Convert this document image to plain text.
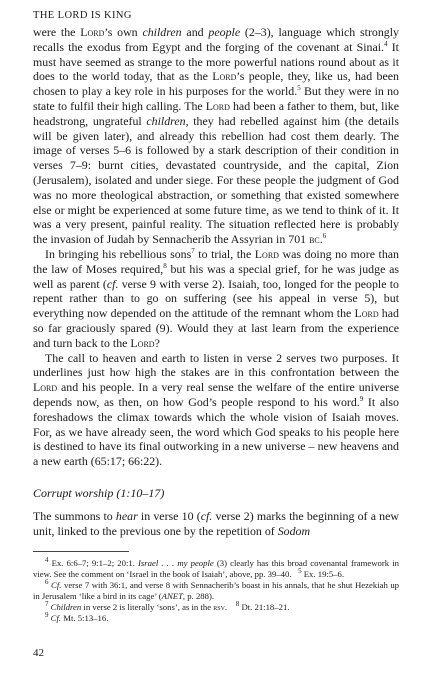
THE LORD IS KING

were the Lord’s own children and people (2–3), language which strongly recalls the exodus from Egypt and the forging of the covenant at Sinai.$^4$ It must have seemed as strange to the more powerful nations round about as it does to the world today, that as the Lord’s people, they, like us, had been chosen to play a key role in his purposes for the world.$^5$ But they were in no state to fulfil their high calling. The Lord had been a father to them, but, like headstrong, ungrateful children, they had rebelled against him (the details will be given later), and already this rebellion had cost them dearly. The image of verses 5–6 is followed by a stark description of their condition in verses 7–9: burnt cities, devastated countryside, and the capital, Zion (Jerusalem), isolated and under siege. For these people the judgment of God was no more theological abstraction, or something that existed somewhere else or might be experienced at some future time, as we tend to think of it. It was a very present, painful reality. The situation reflected here is probably the invasion of Judah by Sennacherib the Assyrian in 701 bc.$^6$

In bringing his rebellious sons$^7$ to trial, the Lord was doing no more than the law of Moses required,$^8$ but his was a special grief, for he was judge as well as parent (cf. verse 9 with verse 2). Isaiah, too, longed for the people to repent rather than to go on suffering (see his appeal in verse 5), but everything now depended on the attitude of the remnant whom the Lord had so far graciously spared (9). Would they at last learn from the experience and turn back to the Lord?

The call to heaven and earth to listen in verse 2 serves two purposes. It underlines just how high the stakes are in this confrontation between the Lord and his people. In a very real sense the welfare of the entire universe depends now, as then, on how God’s people respond to his word.$^9$ It also foreshadows the climax towards which the whole vision of Isaiah moves. For, as we have already seen, the word which God speaks to his people here is destined to have its final outworking in a new universe – new heavens and a new earth (65:17; 66:22).

Corrupt worship (1:10–17)

The summons to hear in verse 10 (cf. verse 2) marks the beginning of a new unit, linked to the previous one by the repetition of Sodom

$^4$ Ex. 6:6–7; 9:1–2; 20:1. Israel . . . my people (3) clearly has this broad covenantal framework in view. See the comment on ‘Israel in the book of Isaiah’, above, pp. 39–40. $^5$ Ex. 19:5–6.

$^6$ Cf. verse 7 with 36:1, and verse 8 with Sennacherib’s boast in his annals, that he shut Hezekiah up in Jerusalem ‘like a bird in its cage’ (ANET, p. 288).

$^7$ Children in verse 2 is literally ‘sons’, as in the rsv. $^8$ Dt. 21:18–21.

$^9$ Cf. Mt. 5:13–16.

42
